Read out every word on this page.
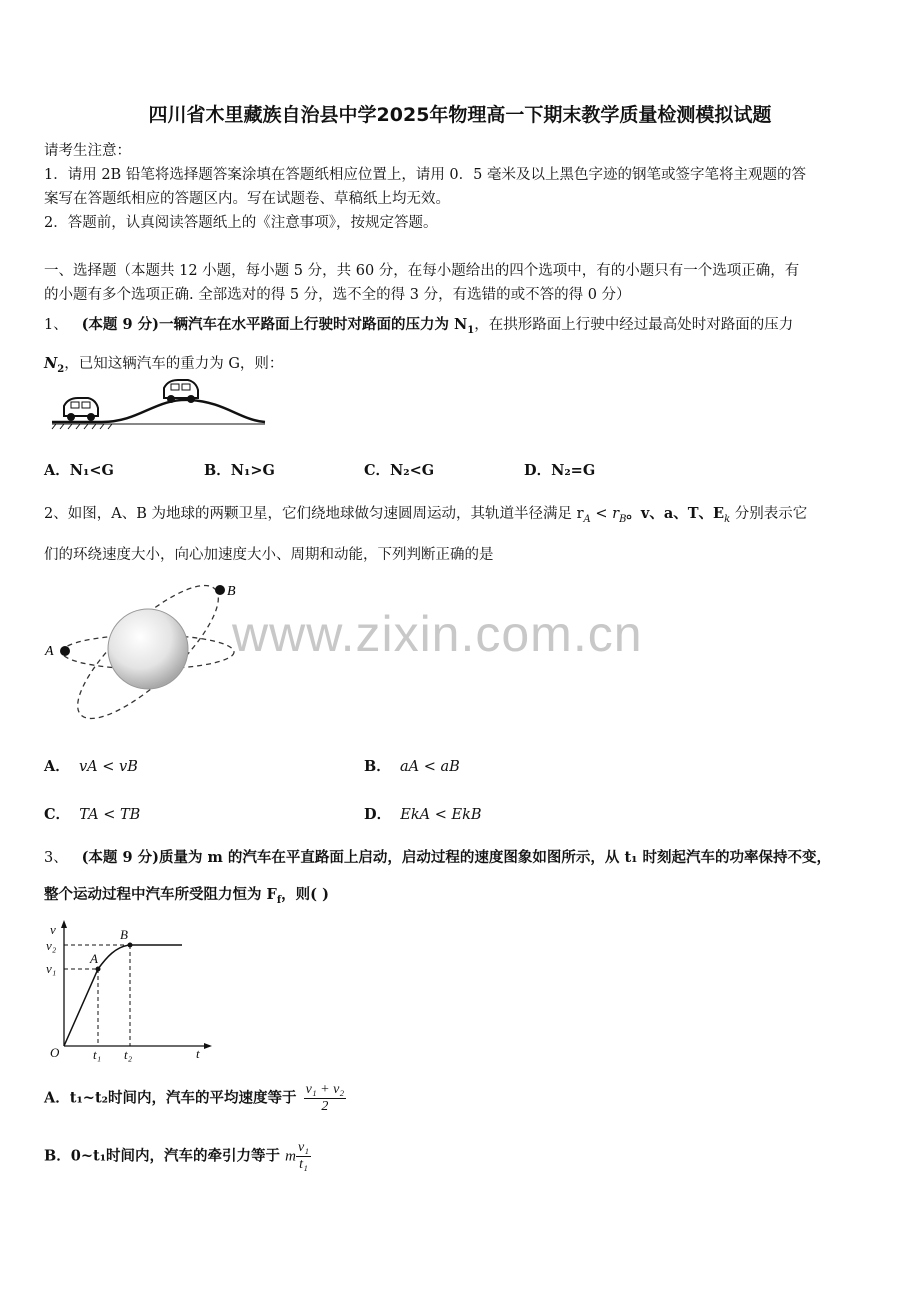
四川省木里藏族自治县中学2025年物理高一下期末教学质量检测模拟试题
请考生注意：
1．请用 2B 铅笔将选择题答案涂填在答题纸相应位置上，请用 0．5 毫米及以上黑色字迹的钢笔或签字笔将主观题的答
案写在答题纸相应的答题区内。写在试题卷、草稿纸上均无效。
2．答题前，认真阅读答题纸上的《注意事项》，按规定答题。
一、选择题（本题共 12 小题，每小题 5 分，共 60 分，在每小题给出的四个选项中，有的小题只有一个选项正确，有
的小题有多个选项正确. 全部选对的得 5 分，选不全的得 3 分，有选错的或不答的得 0 分）
1、 (本题 9 分)一辆汽车在水平路面上行驶时对路面的压力为 $N_1$，在拱形路面上行驶中经过最高处时对路面的压力
$N_2$，已知这辆汽车的重力为 G，则：
A．N₁<G	B．N₁>G	C．N₂<G	D．N₂=G
2、如图，A、B 为地球的两颗卫星，它们绕地球做匀速圆周运动，其轨道半径满足 $r_A < r_B$。v、a、T、$E_k$ 分别表示它
们的环绕速度大小，向心加速度大小、周期和动能，下列判断正确的是
A
B
www.zixin.com.cn
A． vA < vB	B． aA < aB
C． TA < TB	D． EkA < EkB
3、 (本题 9 分)质量为 m 的汽车在平直路面上启动，启动过程的速度图象如图所示，从 t₁ 时刻起汽车的功率保持不变，
整个运动过程中汽车所受阻力恒为 $F_f$，则( )
v
v₂
v₁
O	t
t₁ t₂
A
B
A．t₁~t₂时间内，汽车的平均速度等于 $\frac{\text{v₁ + v₂}}{2}$
B．0~t₁时间内，汽车的牵引力等于 m $\frac{\text{v₁}}{\text{t₁}}$
